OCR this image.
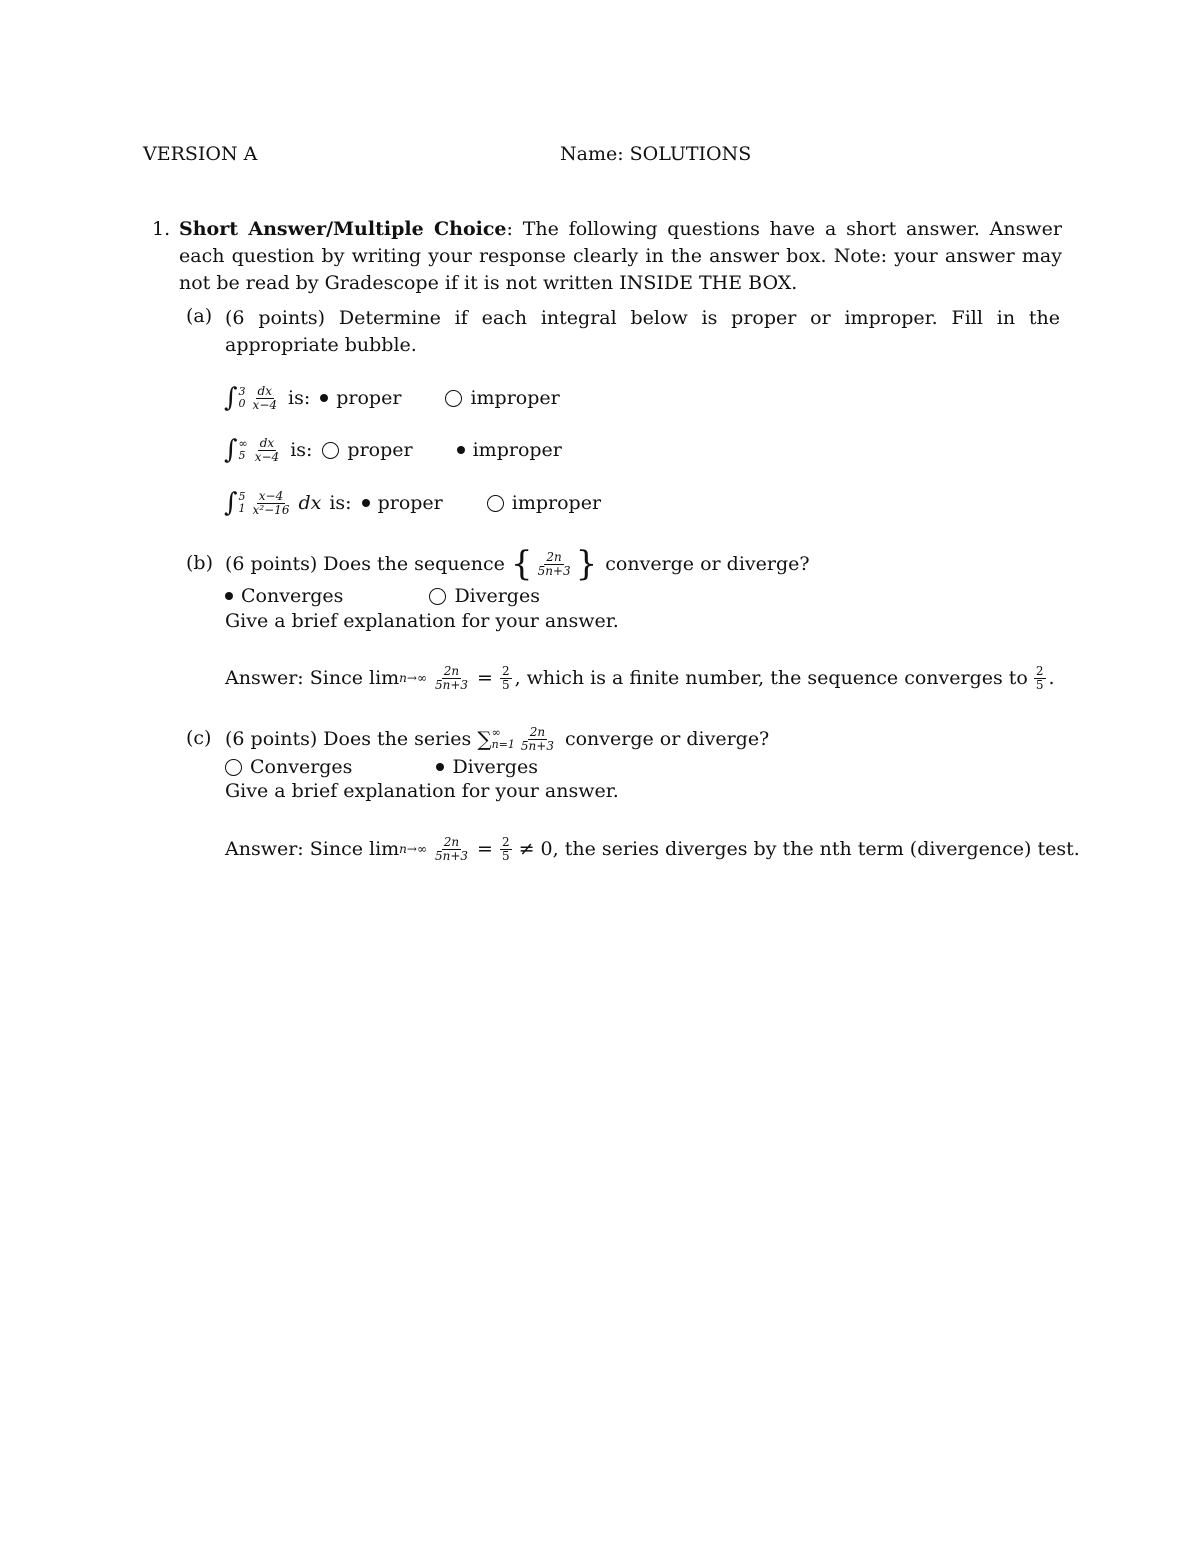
VERSION A	Name: SOLUTIONS
1. Short Answer/Multiple Choice: The following questions have a short answer. Answer each question by writing your response clearly in the answer box. Note: your answer may not be read by Gradescope if it is not written INSIDE THE BOX.
(a) (6 points) Determine if each integral below is proper or improper. Fill in the appropriate bubble.
∫ 3
$0 \frac{dx}{x-4}$ is: proper	improper
∫ ∞
$5 \frac{dx}{x-4}$ is: proper	improper
∫ 5
$1 \frac{x-4}{\text{x²−16}}$ dx is: proper	improper
(b) (6 points) Does the sequence { $\frac{2n}{5n+3}$ } converge or diverge?
Converges	Diverges
Give a brief explanation for your answer.
Answer: Since $\lim n\to\infty \frac{2n}{5n+3} = \frac{2}{5}$ , which is a finite number, the sequence converges to $\frac{2}{5}$ .
(c) (6 points) Does the series ∑ ∞
$n=1 \frac{2n}{5n+3}$ converge or diverge?
Converges	Diverges
Give a brief explanation for your answer.
Answer: Since $\lim n\to\infty \frac{2n}{5n+3} = \frac{2}{5} \ne 0$, the series diverges by the nth term (divergence) test.
